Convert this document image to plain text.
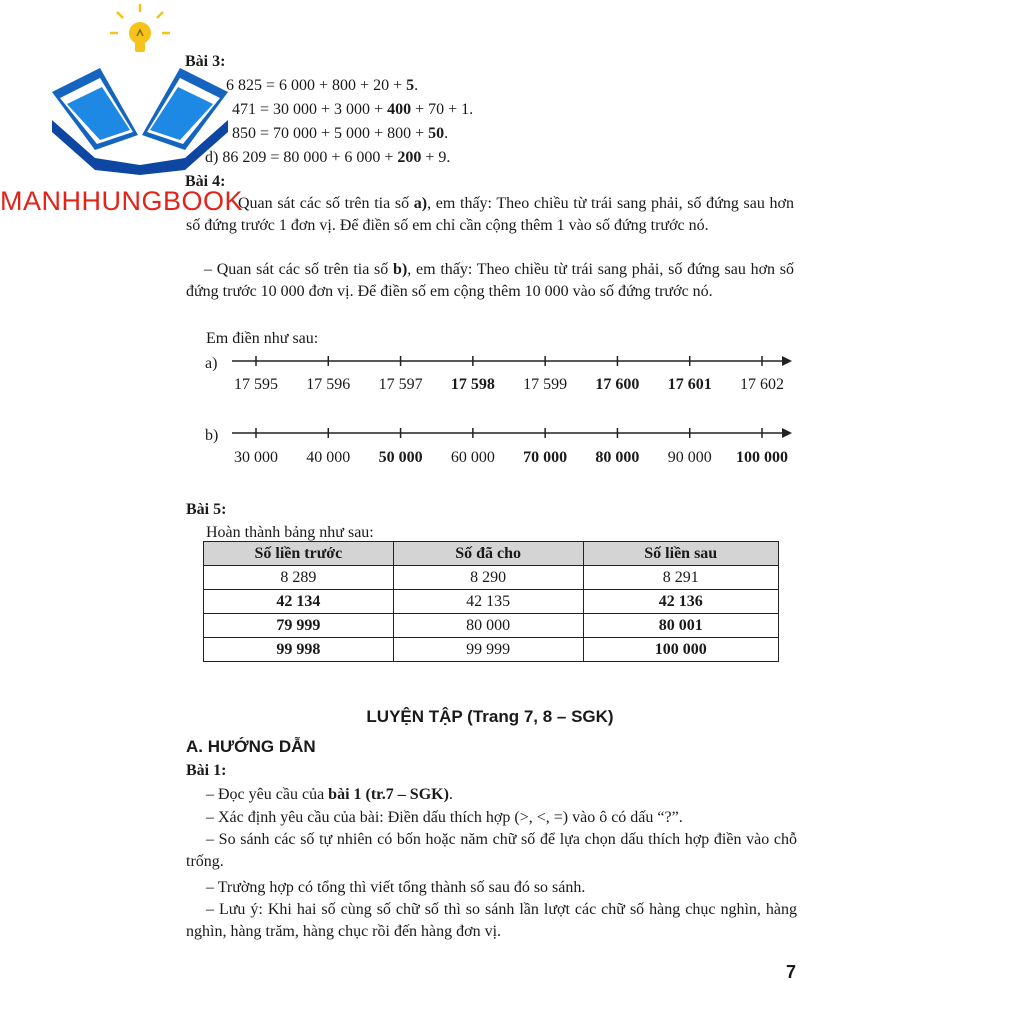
MANHHUNGBOOK
Bài 3:
6 825 = 6 000 + 800 + 20 + 5.
471 = 30 000 + 3 000 + 400 + 70 + 1.
850 = 70 000 + 5 000 + 800 + 50.
d) 86 209 = 80 000 + 6 000 + 200 + 9.
Bài 4:
Quan sát các số trên tia số a), em thấy: Theo chiều từ trái sang phải, số đứng sau hơn số đứng trước 1 đơn vị. Để điền số em chỉ cần cộng thêm 1 vào số đứng trước nó.
– Quan sát các số trên tia số b), em thấy: Theo chiều từ trái sang phải, số đứng sau hơn số đứng trước 10 000 đơn vị. Để điền số em cộng thêm 10 000 vào số đứng trước nó.
Em điền như sau:
a)
17 595 17 596 17 597 17 598 17 599 17 600 17 601 17 602
b)
30 000 40 000 50 000 60 000 70 000 80 000 90 000 100 000
Bài 5:
Hoàn thành bảng như sau:
Số liền trước	Số đã cho	Số liền sau
8 289	8 290	8 291
42 134	42 135	42 136
79 999	80 000	80 001
99 998	99 999	100 000
LUYỆN TẬP (Trang 7, 8 – SGK)
A. HƯỚNG DẪN
Bài 1:
– Đọc yêu cầu của bài 1 (tr.7 – SGK).
– Xác định yêu cầu của bài: Điền dấu thích hợp (>, <, =) vào ô có dấu “?”.
– So sánh các số tự nhiên có bốn hoặc năm chữ số để lựa chọn dấu thích hợp điền vào chỗ trống.
– Trường hợp có tổng thì viết tổng thành số sau đó so sánh.
– Lưu ý: Khi hai số cùng số chữ số thì so sánh lần lượt các chữ số hàng chục nghìn, hàng nghìn, hàng trăm, hàng chục rồi đến hàng đơn vị.
7
